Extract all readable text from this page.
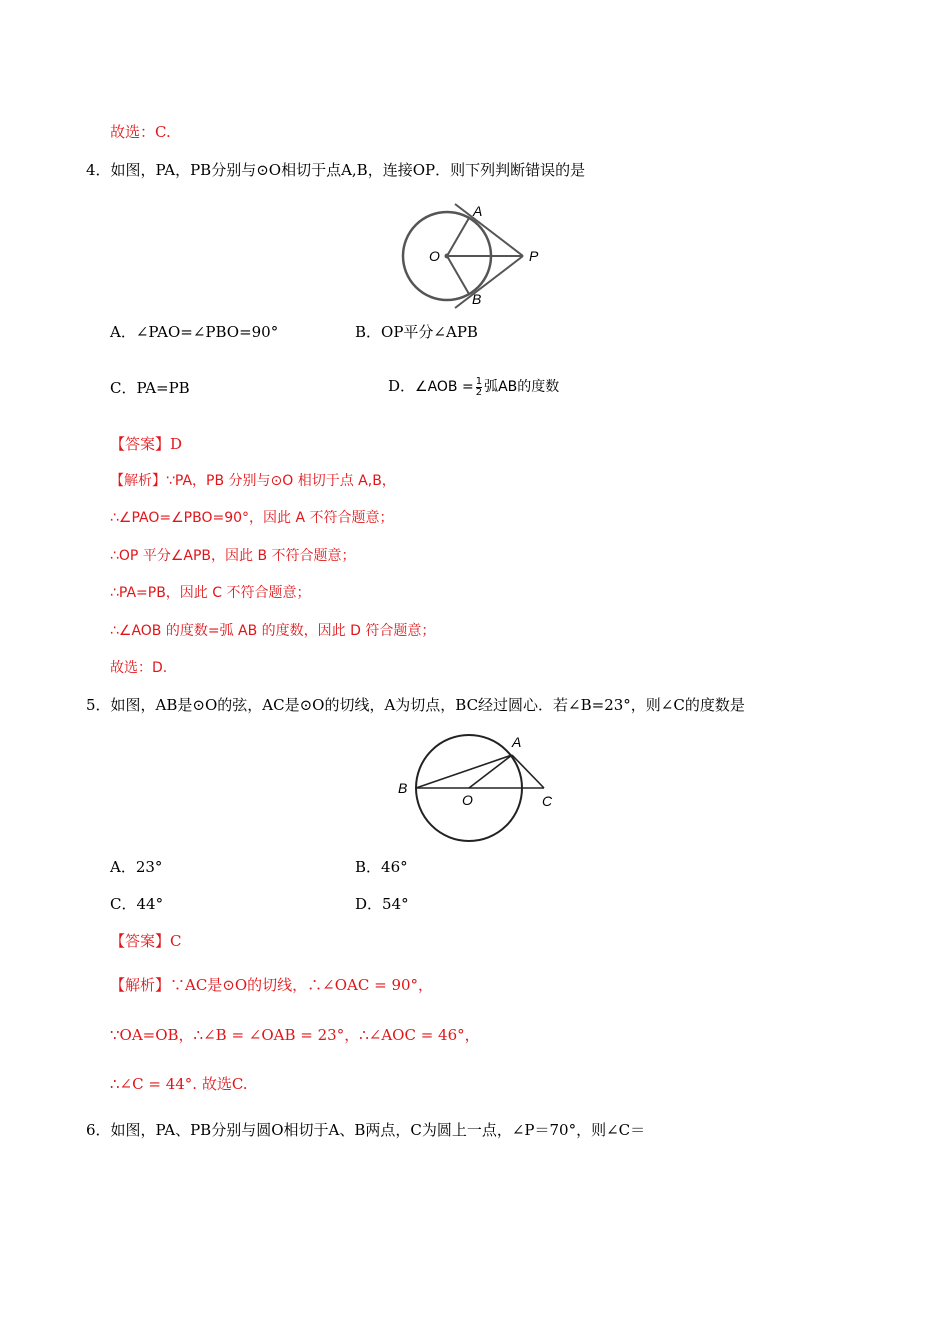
故选：C.
4．如图，PA，PB分别与⊙O相切于点A,B，连接OP．则下列判断错误的是
O
A
B
P
A．∠PAO=∠PBO=90°	B．OP平分∠APB
C．PA=PB	D．∠AOB = $\frac{1}{2}$ 弧AB的度数
【答案】D
【解析】∵PA，PB 分别与⊙O 相切于点 A,B，
∴∠PAO=∠PBO=90°，因此 A 不符合题意；
∴OP 平分∠APB，因此 B 不符合题意；
∴PA=PB，因此 C 不符合题意；
∴∠AOB 的度数=弧 AB 的度数，因此 D 符合题意；
故选：D.
5．如图，AB是⊙O的弦，AC是⊙O的切线，A为切点，BC经过圆心．若∠B=23°，则∠C的度数是
A
B
O	C
A．23°	B．46°
C．44°	D．54°
【答案】C
【解析】∵AC是⊙O的切线，∴∠OAC = 90°，
∵OA=OB，∴∠B = ∠OAB = 23°，∴∠AOC = 46°，
∴∠C = 44°. 故选C.
6．如图，PA、PB分别与圆O相切于A、B两点，C为圆上一点，∠P＝70°，则∠C＝
